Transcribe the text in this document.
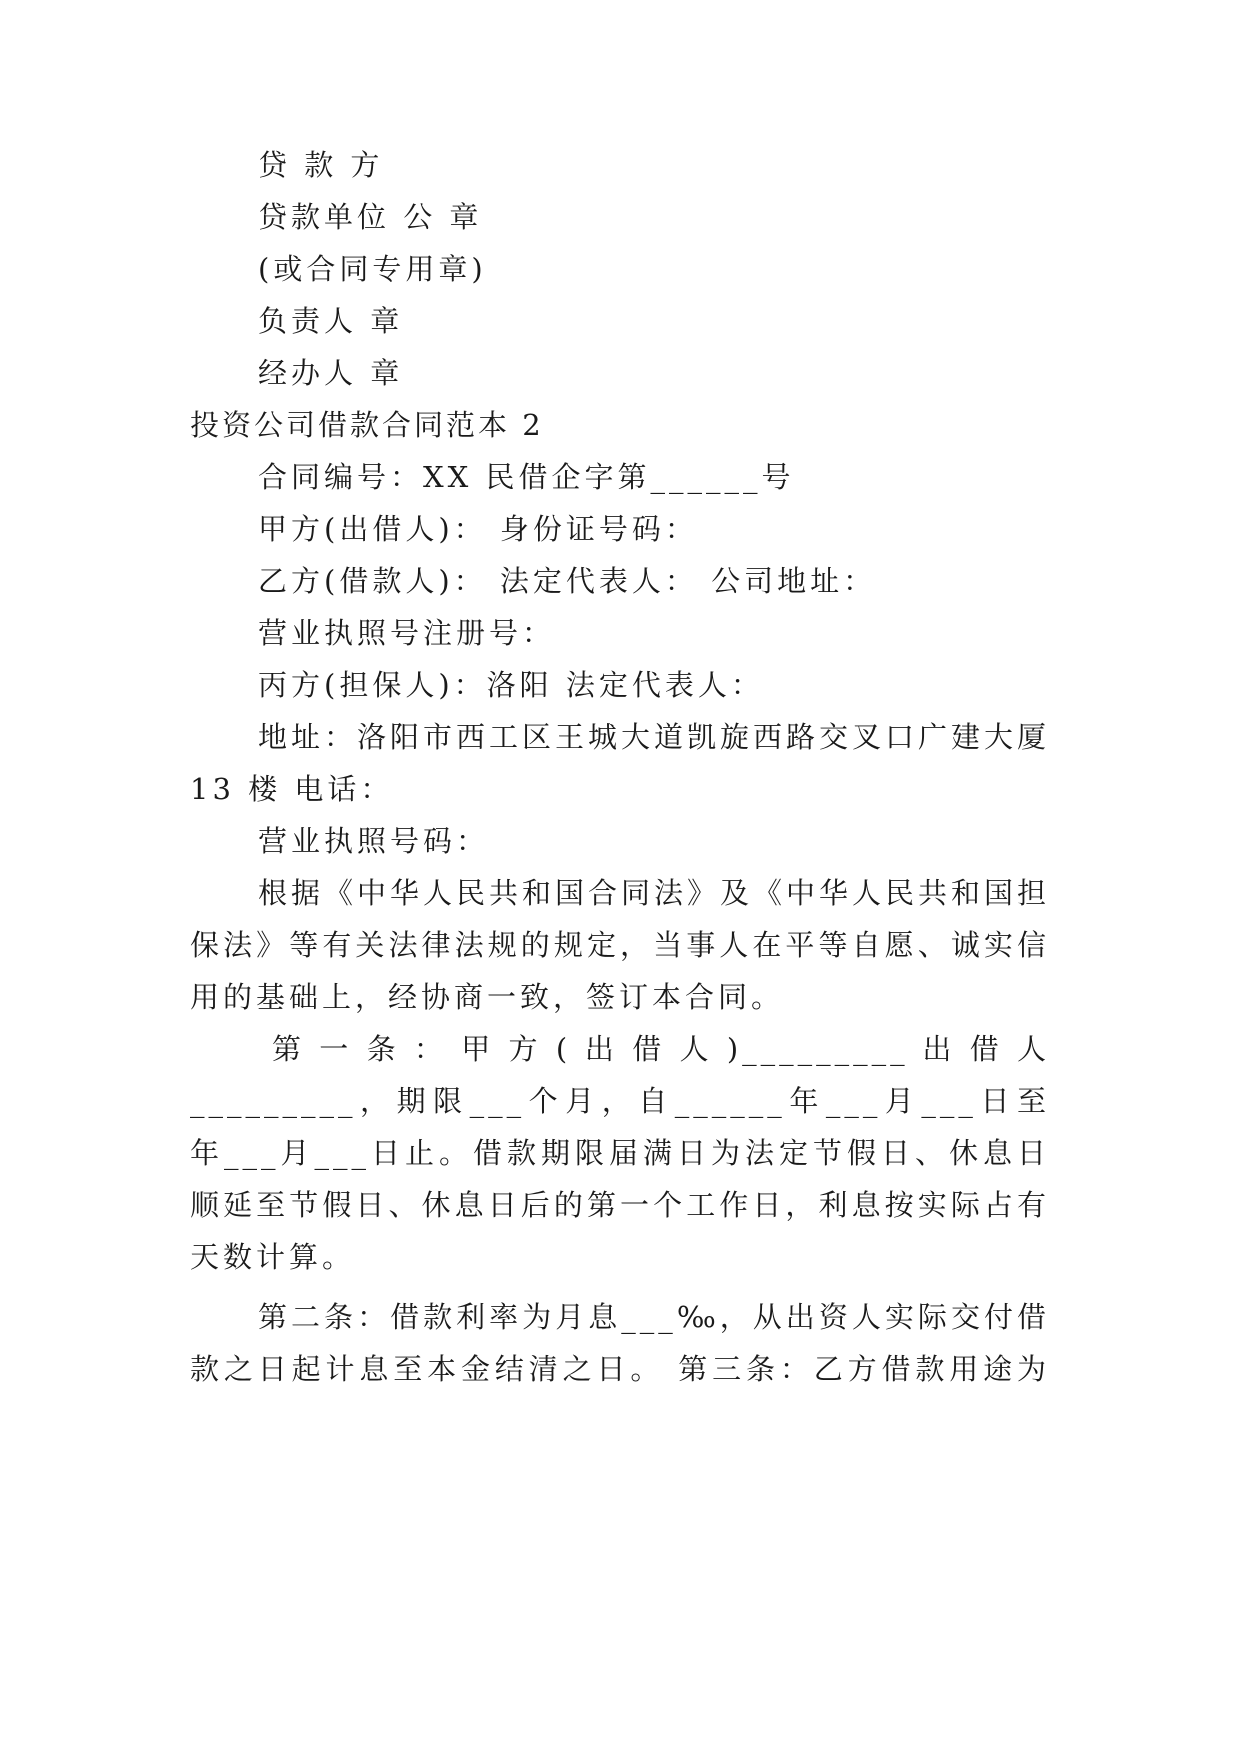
贷 款 方
贷款单位 公 章
(或合同专用章)
负责人 章
经办人 章
投资公司借款合同范本 2
合同编号：XX 民借企字第______号
甲方(出借人)： 身份证号码：
乙方(借款人)： 法定代表人： 公司地址：
营业执照号注册号：
丙方(担保人)：洛阳 法定代表人：
地址：洛阳市西工区王城大道凯旋西路交叉口广建大厦
13 楼 电话：
营业执照号码：
根据《中华人民共和国合同法》及《中华人民共和国担
保法》等有关法律法规的规定，当事人在平等自愿、诚实信
用的基础上，经协商一致，签订本合同。
第 一 条 ： 甲 方 ( 出 借 人 )_________ 出 借 人
_________，期限___个月，自______年___月___日至
年___月___日止。借款期限届满日为法定节假日、休息日
顺延至节假日、休息日后的第一个工作日，利息按实际占有
天数计算。
第二条：借款利率为月息___‰，从出资人实际交付借
款之日起计息至本金结清之日。 第三条：乙方借款用途为
